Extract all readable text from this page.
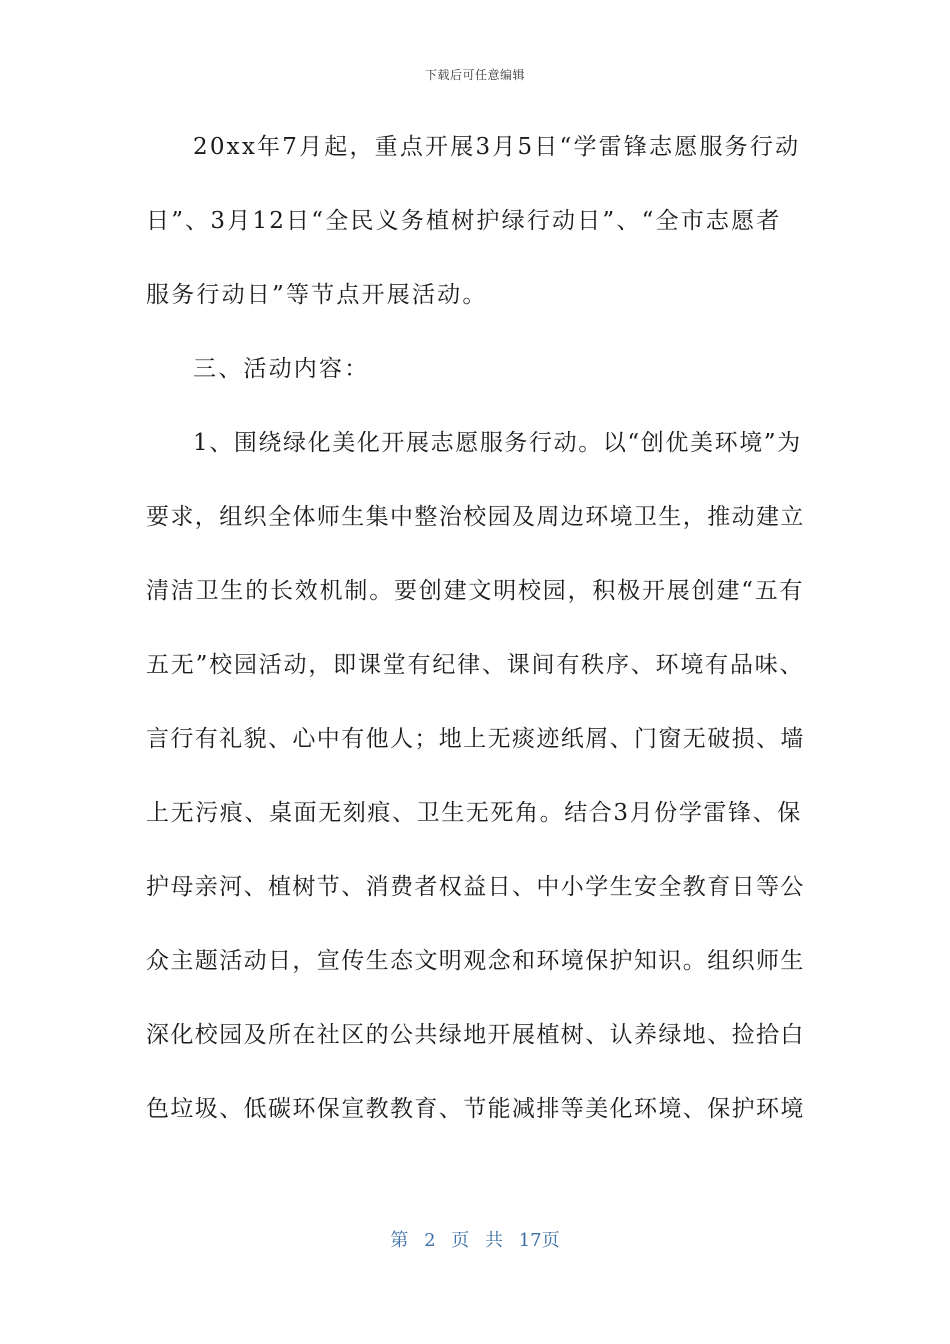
下载后可任意编辑
20xx年7月起，重点开展3月5日“学雷锋志愿服务行动
日”、3月12日“全民义务植树护绿行动日”、“全市志愿者
服务行动日”等节点开展活动。
三、活动内容：
1、围绕绿化美化开展志愿服务行动。以“创优美环境”为
要求，组织全体师生集中整治校园及周边环境卫生，推动建立
清洁卫生的长效机制。要创建文明校园，积极开展创建“五有
五无”校园活动，即课堂有纪律、课间有秩序、环境有品味、
言行有礼貌、心中有他人；地上无痰迹纸屑、门窗无破损、墙
上无污痕、桌面无刻痕、卫生无死角。结合3月份学雷锋、保
护母亲河、植树节、消费者权益日、中小学生安全教育日等公
众主题活动日，宣传生态文明观念和环境保护知识。组织师生
深化校园及所在社区的公共绿地开展植树、认养绿地、捡拾白
色垃圾、低碳环保宣教教育、节能减排等美化环境、保护环境
第 2 页 共 17页
